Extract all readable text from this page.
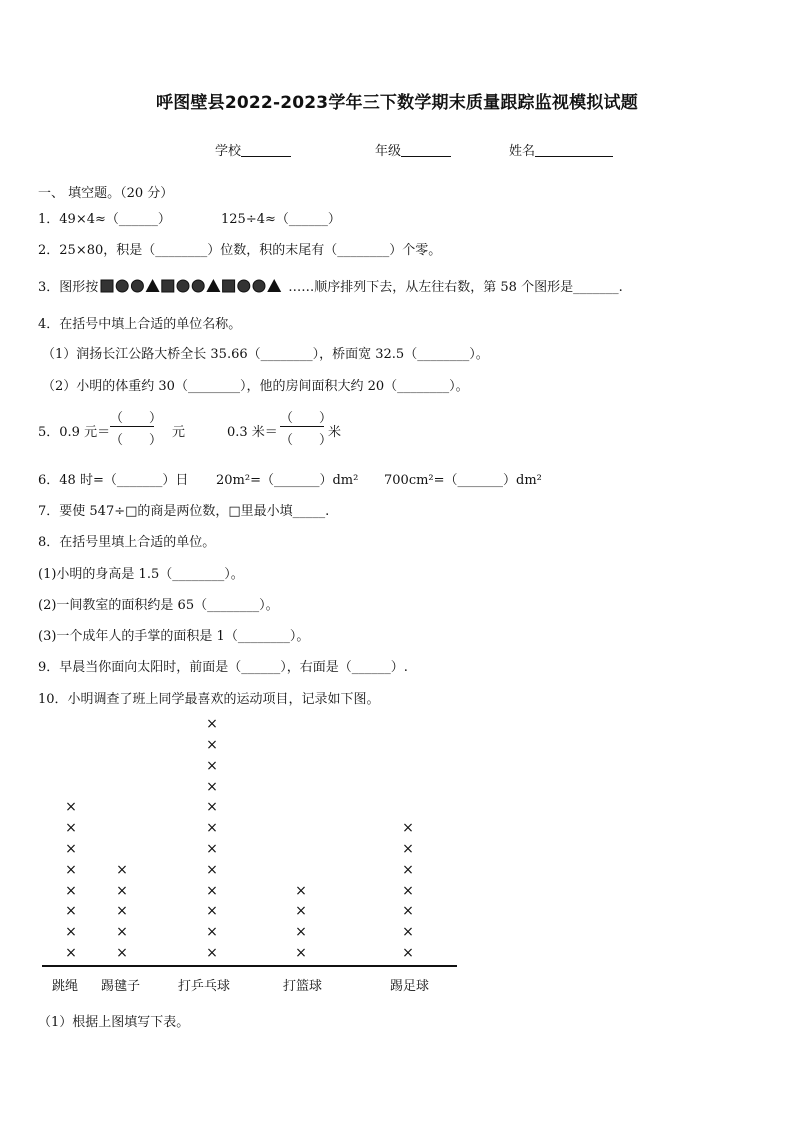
呼图壁县2022-2023学年三下数学期末质量跟踪监视模拟试题
学校	年级	姓名
一、 填空题。（20 分）
1．49×4≈（______）	125÷4≈（______）
2．25×80，积是（________）位数，积的末尾有（________）个零。
3．图形按	……顺序排列下去，从左往右数，第 58 个图形是_______.
4．在括号中填上合适的单位名称。
（1）润扬长江公路大桥全长 35.66（________），桥面宽 32.5（________）。
（2）小明的体重约 30（________），他的房间面积大约 20（________）。
5．0.9 元＝	元	0.3 米＝	米
（　　）
（　　）
（　　）
（　　）
6．48 时=（_______）日 20m²=（_______）dm² 700cm²=（_______）dm²
7．要使 547÷□的商是两位数，□里最小填_____.
8．在括号里填上合适的单位。
(1)小明的身高是 1.5（________）。
(2)一间教室的面积约是 65（________）。
(3)一个成年人的手掌的面积是 1（________）。
9．早晨当你面向太阳时，前面是（______），右面是（______）.
10．小明调查了班上同学最喜欢的运动项目，记录如下图。
×
×
×
×
×
×
×
×
跳绳
×
×
×
×
×
踢毽子
×
×
×
×
×
×
×
×
×
×
×
×
打乒乓球
×
×
×
×
打篮球
×
×
×
×
×
×
×
踢足球
（1）根据上图填写下表。
